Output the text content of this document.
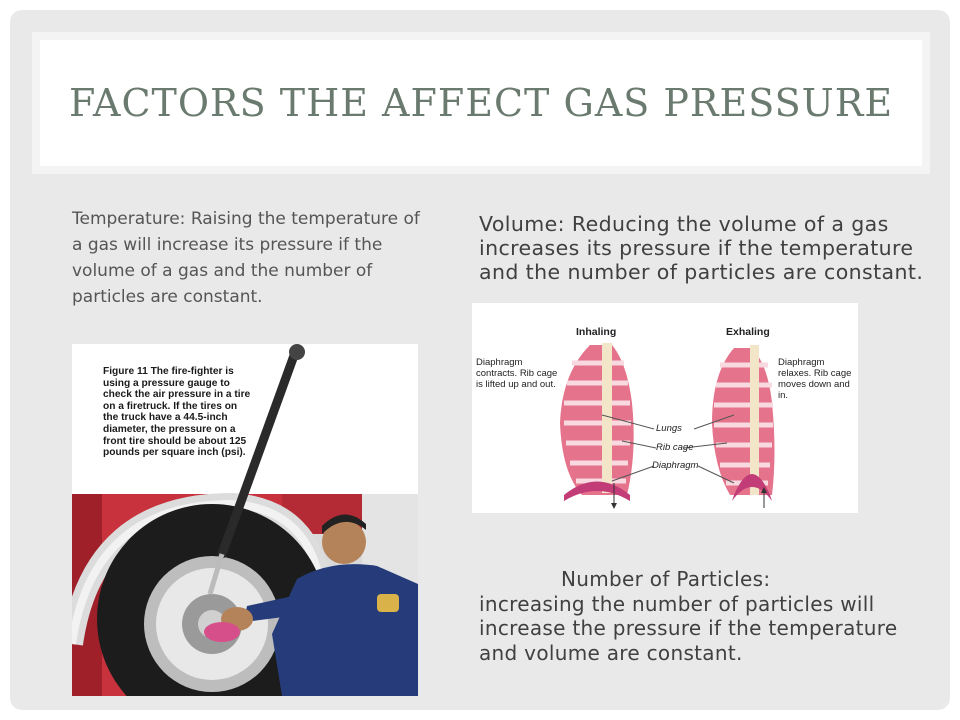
FACTORS THE AFFECT GAS PRESSURE

Temperature: Raising the temperature of a gas will increase its pressure if the volume of a gas and the number of particles are constant.

Volume: Reducing the volume of a gas increases its pressure if the temperature and the number of particles are constant.

Figure 11 The fire-fighter is using a pressure gauge to check the air pressure in a tire on a firetruck. If the tires on the truck have a 44.5-inch diameter, the pressure on a front tire should be about 125 pounds per square inch (psi).
Inhaling	Exhaling
Diaphragm contracts. Rib cage is lifted up and out.
Diaphragm relaxes. Rib cage moves down and in.
Lungs
Rib cage
Diaphragm
Number of Particles:
increasing the number of particles will increase the pressure if the temperature and volume are constant.
